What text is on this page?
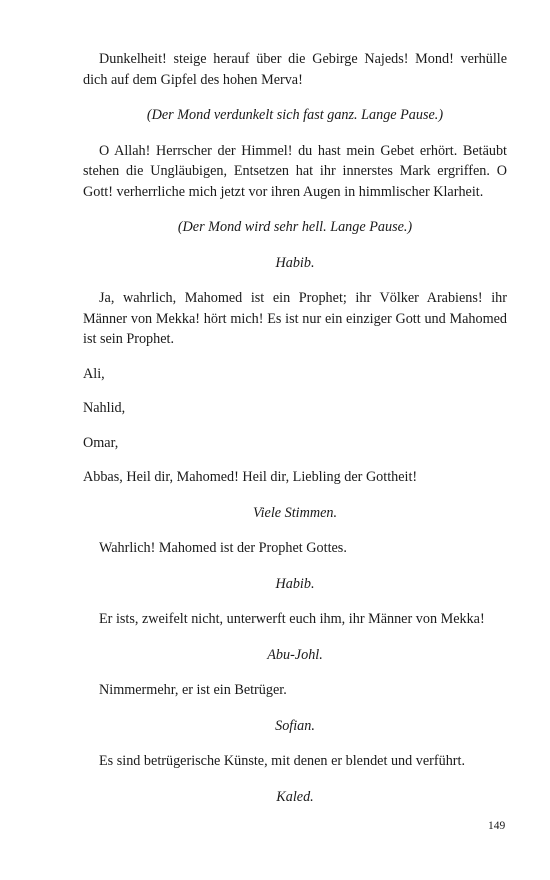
Dunkelheit! steige herauf über die Gebirge Najeds! Mond! verhülle dich auf dem Gipfel des hohen Merva!

(Der Mond verdunkelt sich fast ganz. Lange Pause.)

O Allah! Herrscher der Himmel! du hast mein Gebet erhört. Betäubt stehen die Ungläubigen, Entsetzen hat ihr innerstes Mark ergriffen. O Gott! verherrliche mich jetzt vor ihren Augen in himmlischer Klarheit.

(Der Mond wird sehr hell. Lange Pause.)

Habib.

Ja, wahrlich, Mahomed ist ein Prophet; ihr Völker Arabiens! ihr Männer von Mekka! hört mich! Es ist nur ein einziger Gott und Mahomed ist sein Prophet.

Ali,

Nahlid,

Omar,

Abbas, Heil dir, Mahomed! Heil dir, Liebling der Gottheit!

Viele Stimmen.

Wahrlich! Mahomed ist der Prophet Gottes.

Habib.

Er ists, zweifelt nicht, unterwerft euch ihm, ihr Männer von Mekka!

Abu-Johl.

Nimmermehr, er ist ein Betrüger.

Sofian.

Es sind betrügerische Künste, mit denen er blendet und verführt.

Kaled.

149
